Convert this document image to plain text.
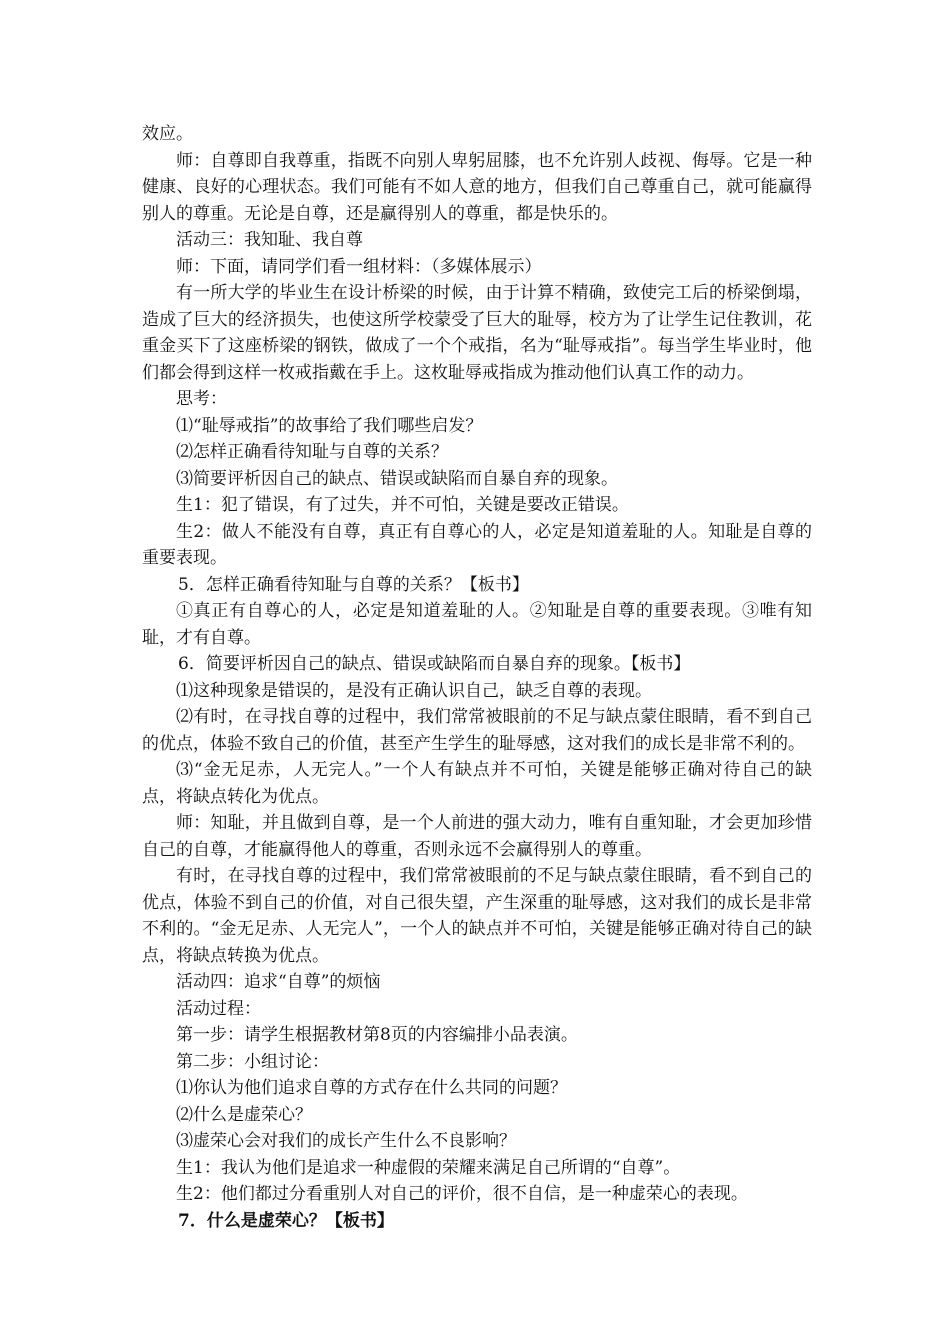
效应。

师：自尊即自我尊重，指既不向别人卑躬屈膝，也不允许别人歧视、侮辱。它是一种健康、良好的心理状态。我们可能有不如人意的地方，但我们自己尊重自己，就可能赢得别人的尊重。无论是自尊，还是赢得别人的尊重，都是快乐的。

活动三：我知耻、我自尊

师：下面，请同学们看一组材料：（多媒体展示）

有一所大学的毕业生在设计桥梁的时候，由于计算不精确，致使完工后的桥梁倒塌，造成了巨大的经济损失，也使这所学校蒙受了巨大的耻辱，校方为了让学生记住教训，花重金买下了这座桥梁的钢铁，做成了一个个戒指，名为“耻辱戒指”。每当学生毕业时，他们都会得到这样一枚戒指戴在手上。这枚耻辱戒指成为推动他们认真工作的动力。

思考：

⑴“耻辱戒指”的故事给了我们哪些启发？

⑵怎样正确看待知耻与自尊的关系？

⑶简要评析因自己的缺点、错误或缺陷而自暴自弃的现象。

生1：犯了错误，有了过失，并不可怕，关键是要改正错误。

生2：做人不能没有自尊，真正有自尊心的人，必定是知道羞耻的人。知耻是自尊的重要表现。

5．怎样正确看待知耻与自尊的关系？【板书】

①真正有自尊心的人，必定是知道羞耻的人。②知耻是自尊的重要表现。③唯有知耻，才有自尊。

6．简要评析因自己的缺点、错误或缺陷而自暴自弃的现象。【板书】

⑴这种现象是错误的，是没有正确认识自己，缺乏自尊的表现。

⑵有时，在寻找自尊的过程中，我们常常被眼前的不足与缺点蒙住眼睛，看不到自己的优点，体验不致自己的价值，甚至产生学生的耻辱感，这对我们的成长是非常不利的。

⑶“金无足赤，人无完人。”一个人有缺点并不可怕，关键是能够正确对待自己的缺点，将缺点转化为优点。

师：知耻，并且做到自尊，是一个人前进的强大动力，唯有自重知耻，才会更加珍惜自己的自尊，才能赢得他人的尊重，否则永远不会赢得别人的尊重。

有时，在寻找自尊的过程中，我们常常被眼前的不足与缺点蒙住眼睛，看不到自己的优点，体验不到自己的价值，对自己很失望，产生深重的耻辱感，这对我们的成长是非常不利的。“金无足赤、人无完人”，一个人的缺点并不可怕，关键是能够正确对待自己的缺点，将缺点转换为优点。

活动四：追求“自尊”的烦恼

活动过程：

第一步：请学生根据教材第8页的内容编排小品表演。

第二步：小组讨论：

⑴你认为他们追求自尊的方式存在什么共同的问题？

⑵什么是虚荣心？

⑶虚荣心会对我们的成长产生什么不良影响？

生1：我认为他们是追求一种虚假的荣耀来满足自己所谓的“自尊”。

生2：他们都过分看重别人对自己的评价，很不自信，是一种虚荣心的表现。

7．什么是虚荣心？【板书】
